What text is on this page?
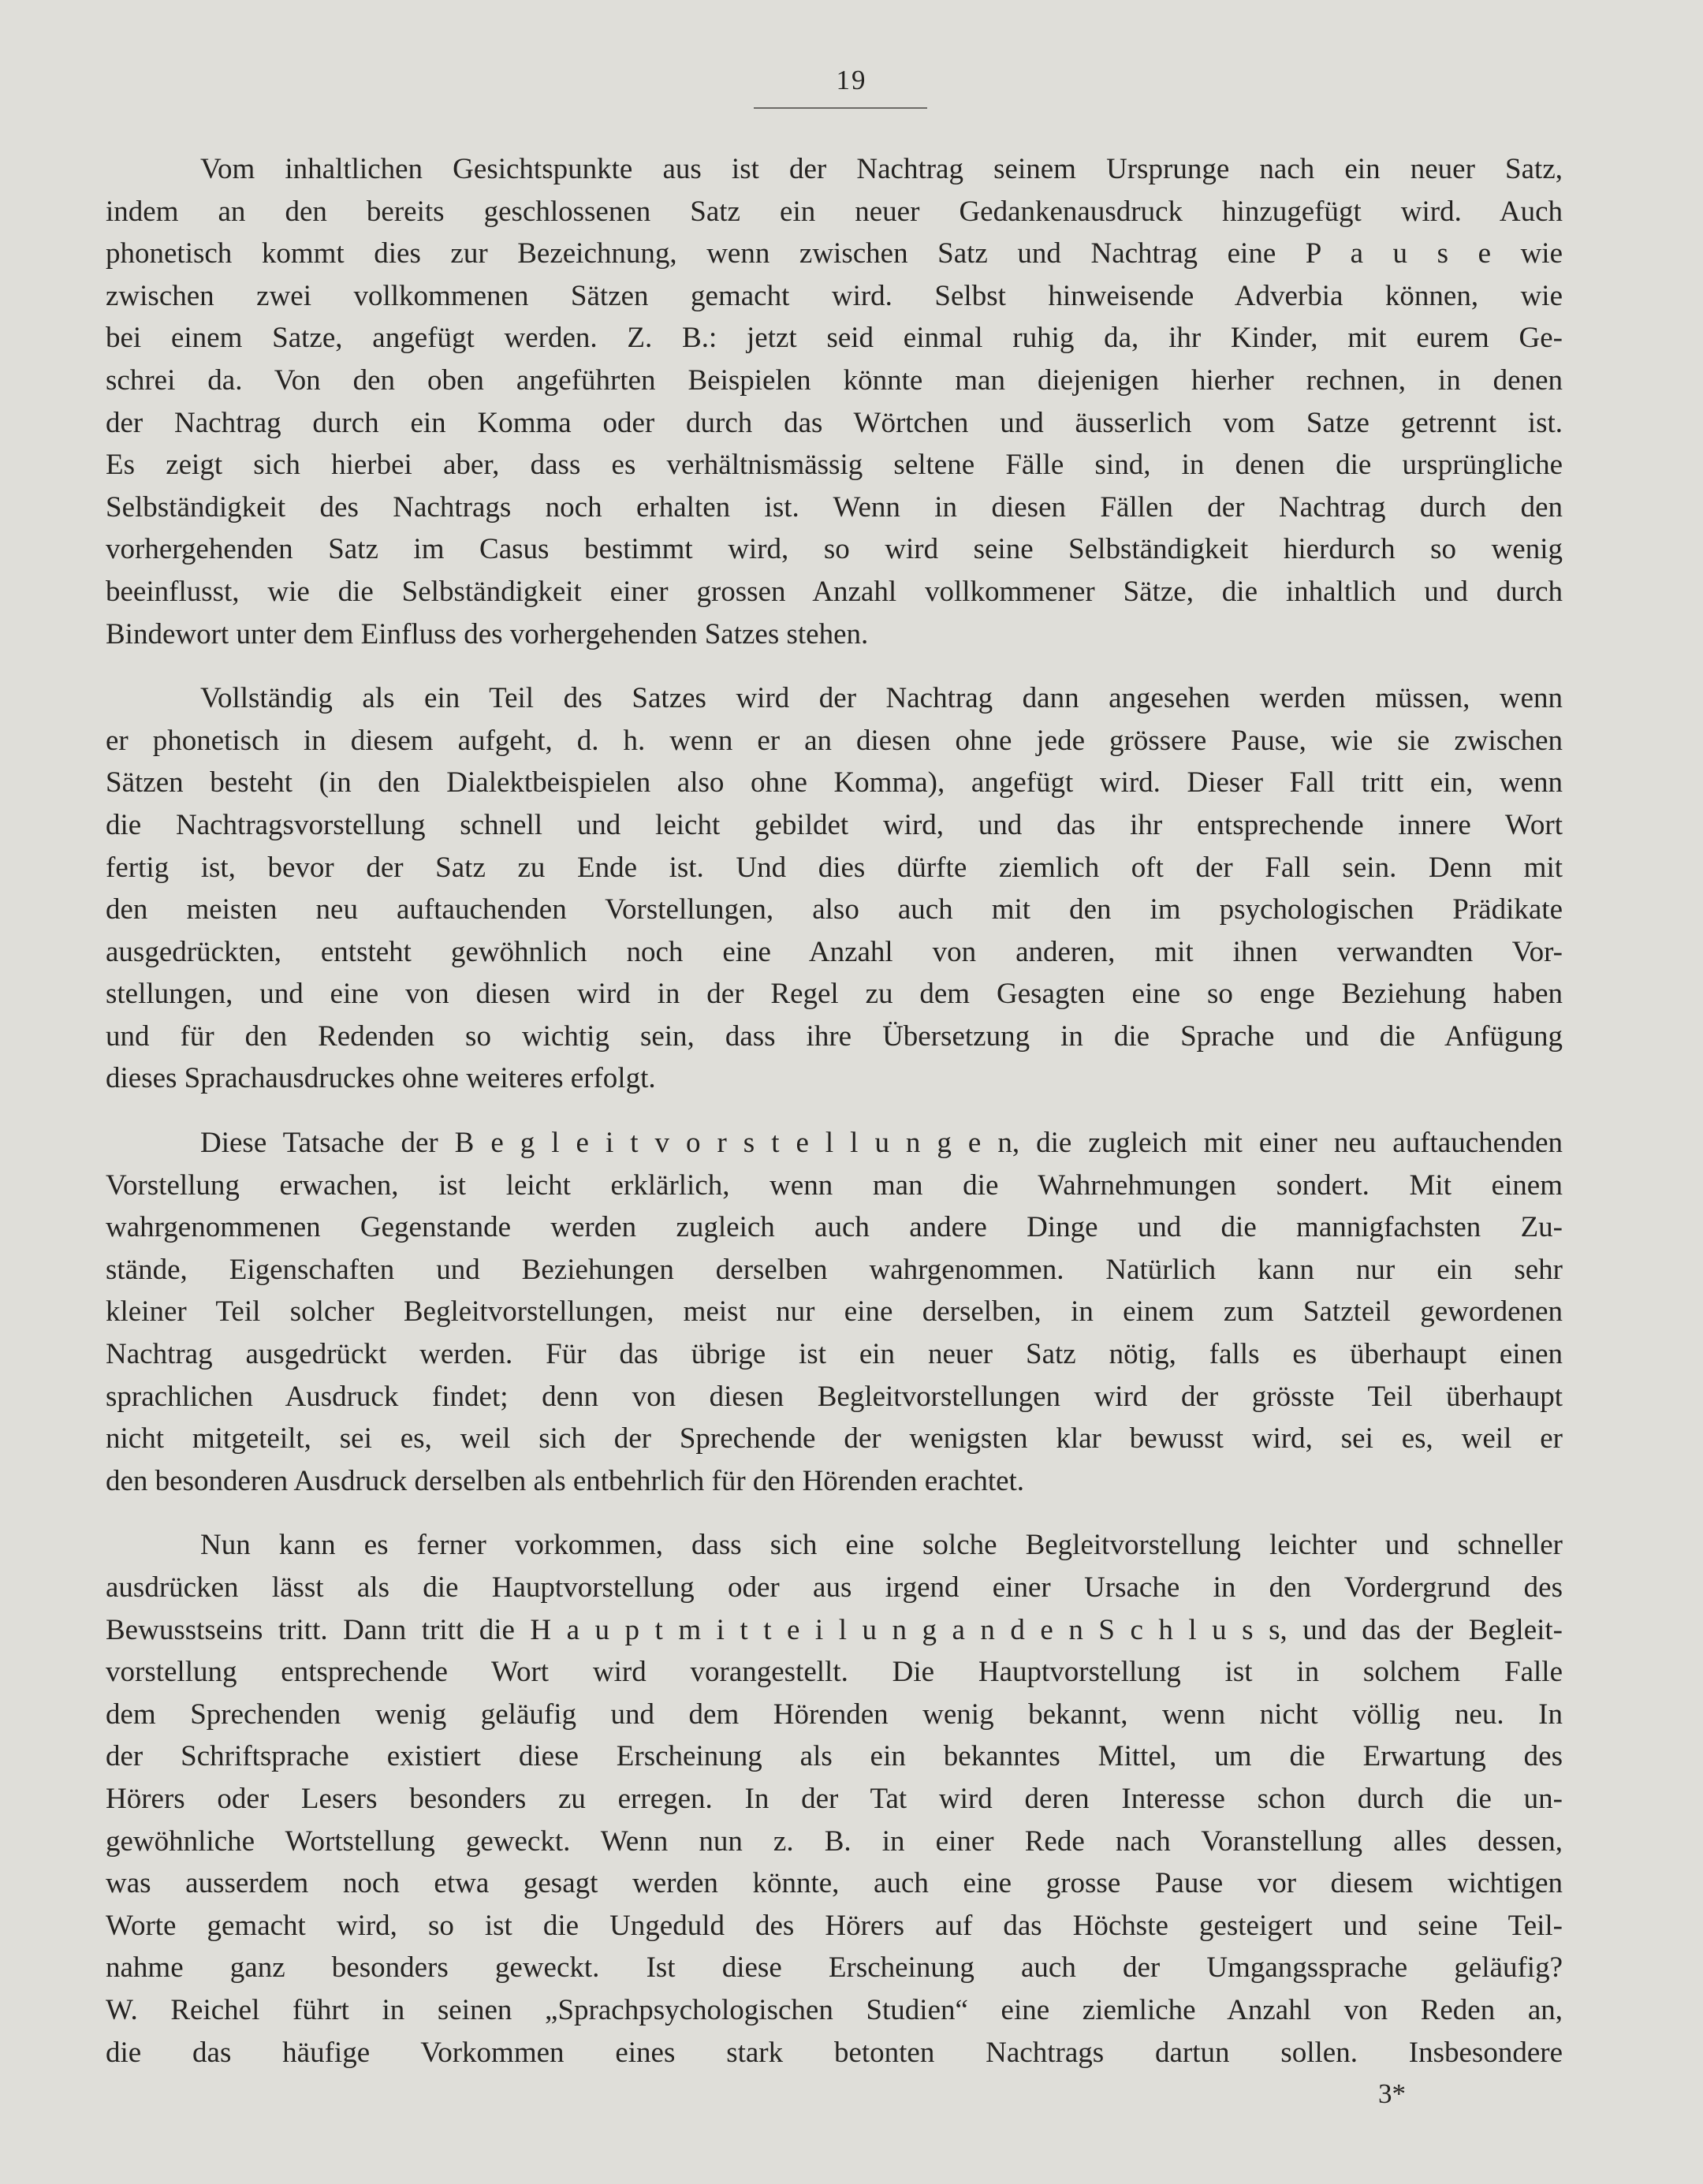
19
Vom inhaltlichen Gesichtspunkte aus ist der Nachtrag seinem Ursprunge nach ein neuer Satz,
indem an den bereits geschlossenen Satz ein neuer Gedankenausdruck hinzugefügt wird. Auch
phonetisch kommt dies zur Bezeichnung, wenn zwischen Satz und Nachtrag eine P a u s e wie
zwischen zwei vollkommenen Sätzen gemacht wird. Selbst hinweisende Adverbia können, wie
bei einem Satze, angefügt werden. Z. B.: jetzt seid einmal ruhig da, ihr Kinder, mit eurem Ge-
schrei da. Von den oben angeführten Beispielen könnte man diejenigen hierher rechnen, in denen
der Nachtrag durch ein Komma oder durch das Wörtchen und äusserlich vom Satze getrennt ist.
Es zeigt sich hierbei aber, dass es verhältnismässig seltene Fälle sind, in denen die ursprüngliche
Selbständigkeit des Nachtrags noch erhalten ist. Wenn in diesen Fällen der Nachtrag durch den
vorhergehenden Satz im Casus bestimmt wird, so wird seine Selbständigkeit hierdurch so wenig
beeinflusst, wie die Selbständigkeit einer grossen Anzahl vollkommener Sätze, die inhaltlich und durch
Bindewort unter dem Einfluss des vorhergehenden Satzes stehen.
Vollständig als ein Teil des Satzes wird der Nachtrag dann angesehen werden müssen, wenn
er phonetisch in diesem aufgeht, d. h. wenn er an diesen ohne jede grössere Pause, wie sie zwischen
Sätzen besteht (in den Dialektbeispielen also ohne Komma), angefügt wird. Dieser Fall tritt ein, wenn
die Nachtragsvorstellung schnell und leicht gebildet wird, und das ihr entsprechende innere Wort
fertig ist, bevor der Satz zu Ende ist. Und dies dürfte ziemlich oft der Fall sein. Denn mit
den meisten neu auftauchenden Vorstellungen, also auch mit den im psychologischen Prädikate
ausgedrückten, entsteht gewöhnlich noch eine Anzahl von anderen, mit ihnen verwandten Vor-
stellungen, und eine von diesen wird in der Regel zu dem Gesagten eine so enge Beziehung haben
und für den Redenden so wichtig sein, dass ihre Übersetzung in die Sprache und die Anfügung
dieses Sprachausdruckes ohne weiteres erfolgt.
Diese Tatsache der B e g l e i t v o r s t e l l u n g e n, die zugleich mit einer neu auftauchenden
Vorstellung erwachen, ist leicht erklärlich, wenn man die Wahrnehmungen sondert. Mit einem
wahrgenommenen Gegenstande werden zugleich auch andere Dinge und die mannigfachsten Zu-
stände, Eigenschaften und Beziehungen derselben wahrgenommen. Natürlich kann nur ein sehr
kleiner Teil solcher Begleitvorstellungen, meist nur eine derselben, in einem zum Satzteil gewordenen
Nachtrag ausgedrückt werden. Für das übrige ist ein neuer Satz nötig, falls es überhaupt einen
sprachlichen Ausdruck findet; denn von diesen Begleitvorstellungen wird der grösste Teil überhaupt
nicht mitgeteilt, sei es, weil sich der Sprechende der wenigsten klar bewusst wird, sei es, weil er
den besonderen Ausdruck derselben als entbehrlich für den Hörenden erachtet.
Nun kann es ferner vorkommen, dass sich eine solche Begleitvorstellung leichter und schneller
ausdrücken lässt als die Hauptvorstellung oder aus irgend einer Ursache in den Vordergrund des
Bewusstseins tritt. Dann tritt die H a u p t m i t t e i l u n g a n d e n S c h l u s s, und das der Begleit-
vorstellung entsprechende Wort wird vorangestellt. Die Hauptvorstellung ist in solchem Falle
dem Sprechenden wenig geläufig und dem Hörenden wenig bekannt, wenn nicht völlig neu. In
der Schriftsprache existiert diese Erscheinung als ein bekanntes Mittel, um die Erwartung des
Hörers oder Lesers besonders zu erregen. In der Tat wird deren Interesse schon durch die un-
gewöhnliche Wortstellung geweckt. Wenn nun z. B. in einer Rede nach Voranstellung alles dessen,
was ausserdem noch etwa gesagt werden könnte, auch eine grosse Pause vor diesem wichtigen
Worte gemacht wird, so ist die Ungeduld des Hörers auf das Höchste gesteigert und seine Teil-
nahme ganz besonders geweckt. Ist diese Erscheinung auch der Umgangssprache geläufig?
W. Reichel führt in seinen „Sprachpsychologischen Studien“ eine ziemliche Anzahl von Reden an,
die das häufige Vorkommen eines stark betonten Nachtrags dartun sollen. Insbesondere
3*
